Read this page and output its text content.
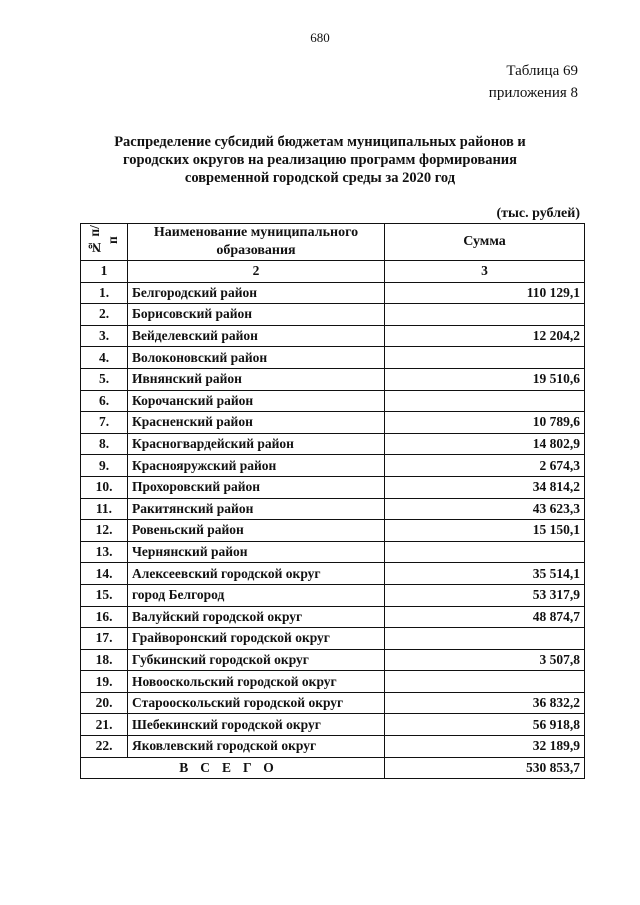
680
Таблица 69
приложения 8
Распределение субсидий бюджетам муниципальных районов и городских округов на реализацию программ формирования современной городской среды за 2020 год
(тыс. рублей)
№ п/п	Наименование муниципального образования	Сумма
1	2	3
1.	Белгородский район	110 129,1
2.	Борисовский район	
3.	Вейделевский район	12 204,2
4.	Волоконовский район	
5.	Ивнянский район	19 510,6
6.	Корочанский район	
7.	Красненский район	10 789,6
8.	Красногвардейский район	14 802,9
9.	Краснояружский район	2 674,3
10.	Прохоровский район	34 814,2
11.	Ракитянский район	43 623,3
12.	Ровеньский район	15 150,1
13.	Чернянский район	
14.	Алексеевский городской округ	35 514,1
15.	город Белгород	53 317,9
16.	Валуйский городской округ	48 874,7
17.	Грайворонский городской округ	
18.	Губкинский городской округ	3 507,8
19.	Новооскольский городской округ	
20.	Старооскольский городской округ	36 832,2
21.	Шебекинский городской округ	56 918,8
22.	Яковлевский городской округ	32 189,9
ВСЕГО		530 853,7
